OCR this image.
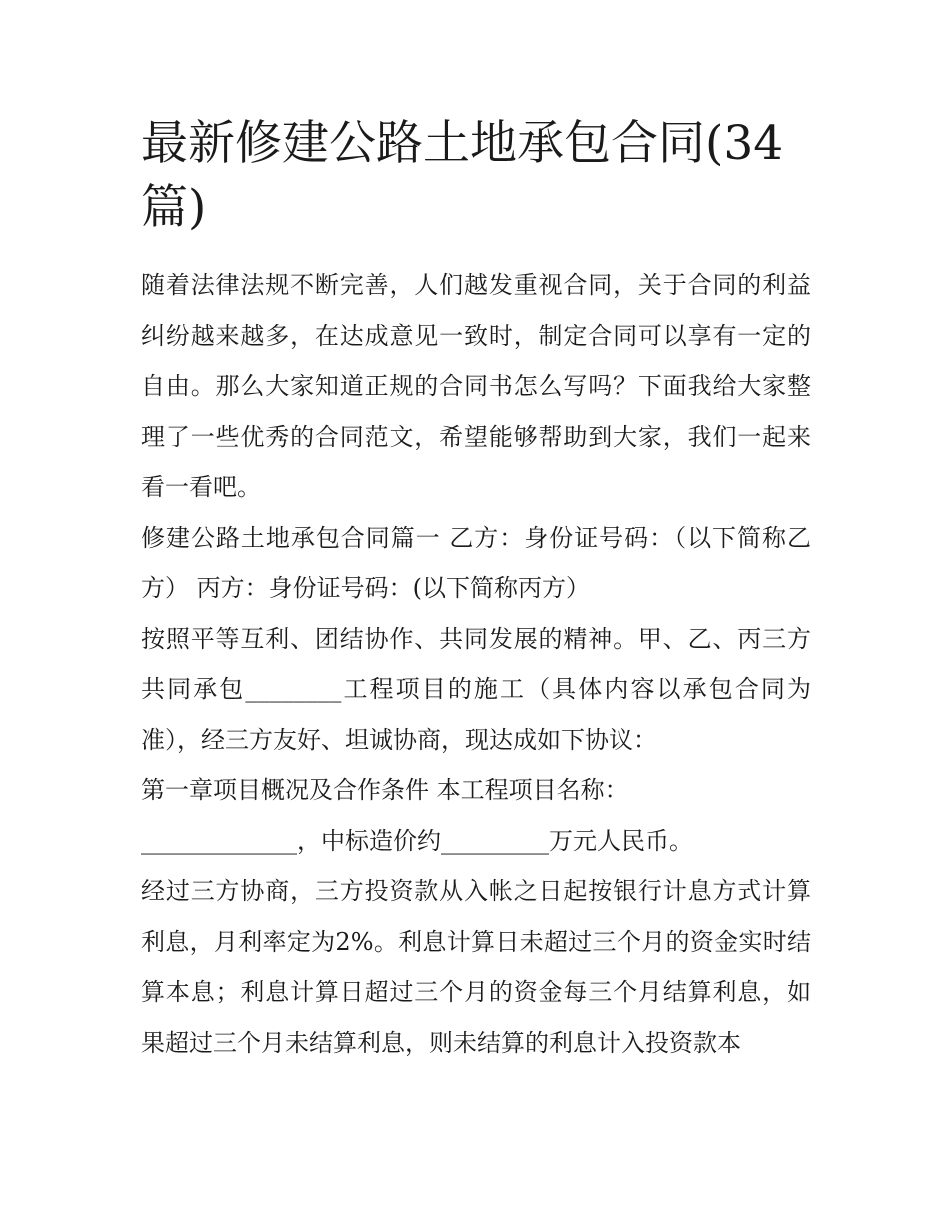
最新修建公路土地承包合同(34篇)

随着法律法规不断完善，人们越发重视合同，关于合同的利益纠纷越来越多，在达成意见一致时，制定合同可以享有一定的自由。那么大家知道正规的合同书怎么写吗？下面我给大家整理了一些优秀的合同范文，希望能够帮助到大家，我们一起来看一看吧。

修建公路土地承包合同篇一 乙方：身份证号码：（以下简称乙方） 丙方：身份证号码：(以下简称丙方）

按照平等互利、团结协作、共同发展的精神。甲、乙、丙三方共同承包________工程项目的施工（具体内容以承包合同为准），经三方友好、坦诚协商，现达成如下协议：

第一章项目概况及合作条件 本工程项目名称：

_____________，中标造价约_________万元人民币。

经过三方协商，三方投资款从入帐之日起按银行计息方式计算利息，月利率定为2%。利息计算日未超过三个月的资金实时结算本息；利息计算日超过三个月的资金每三个月结算利息，如果超过三个月未结算利息，则未结算的利息计入投资款本
